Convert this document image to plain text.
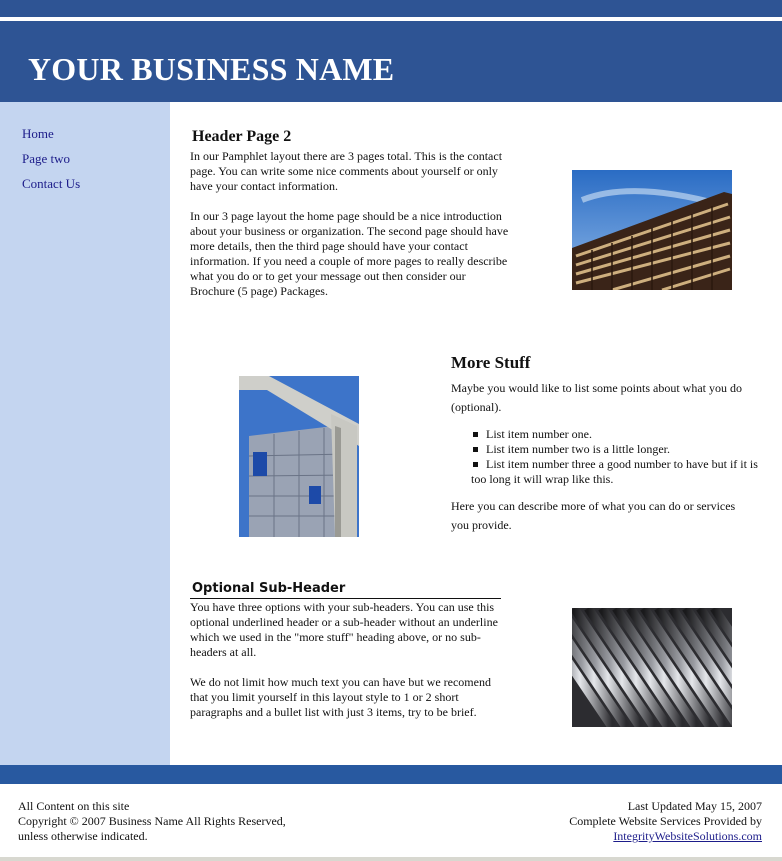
YOUR BUSINESS NAME
Home
Page two
Contact Us
Header Page 2

In our Pamphlet layout there are 3 pages total. This is the contact page. You can write some nice comments about yourself or only have your contact information.

In our 3 page layout the home page should be a nice introduction about your business or organization. The second page should have more details, then the third page should have your contact information. If you need a couple of more pages to really describe what you do or to get your message out then consider our Brochure (5 page) Packages.

More Stuff

Maybe you would like to list some points about what you do (optional).

List item number one.
List item number two is a little longer.
List item number three a good number to have but if it is too long it will wrap like this.

Here you can describe more of what you can do or services you provide.

Optional Sub-Header

You have three options with your sub-headers. You can use this optional underlined header or a sub-header without an underline which we used in the "more stuff" heading above, or no sub-headers at all.

We do not limit how much text you can have but we recomend that you limit yourself in this layout style to 1 or 2 short paragraphs and a bullet list with just 3 items, try to be brief.

All Content on this site
Copyright © 2007 Business Name All Rights Reserved,
unless otherwise indicated.
Last Updated May 15, 2007
Complete Website Services Provided by
IntegrityWebsiteSolutions.com
